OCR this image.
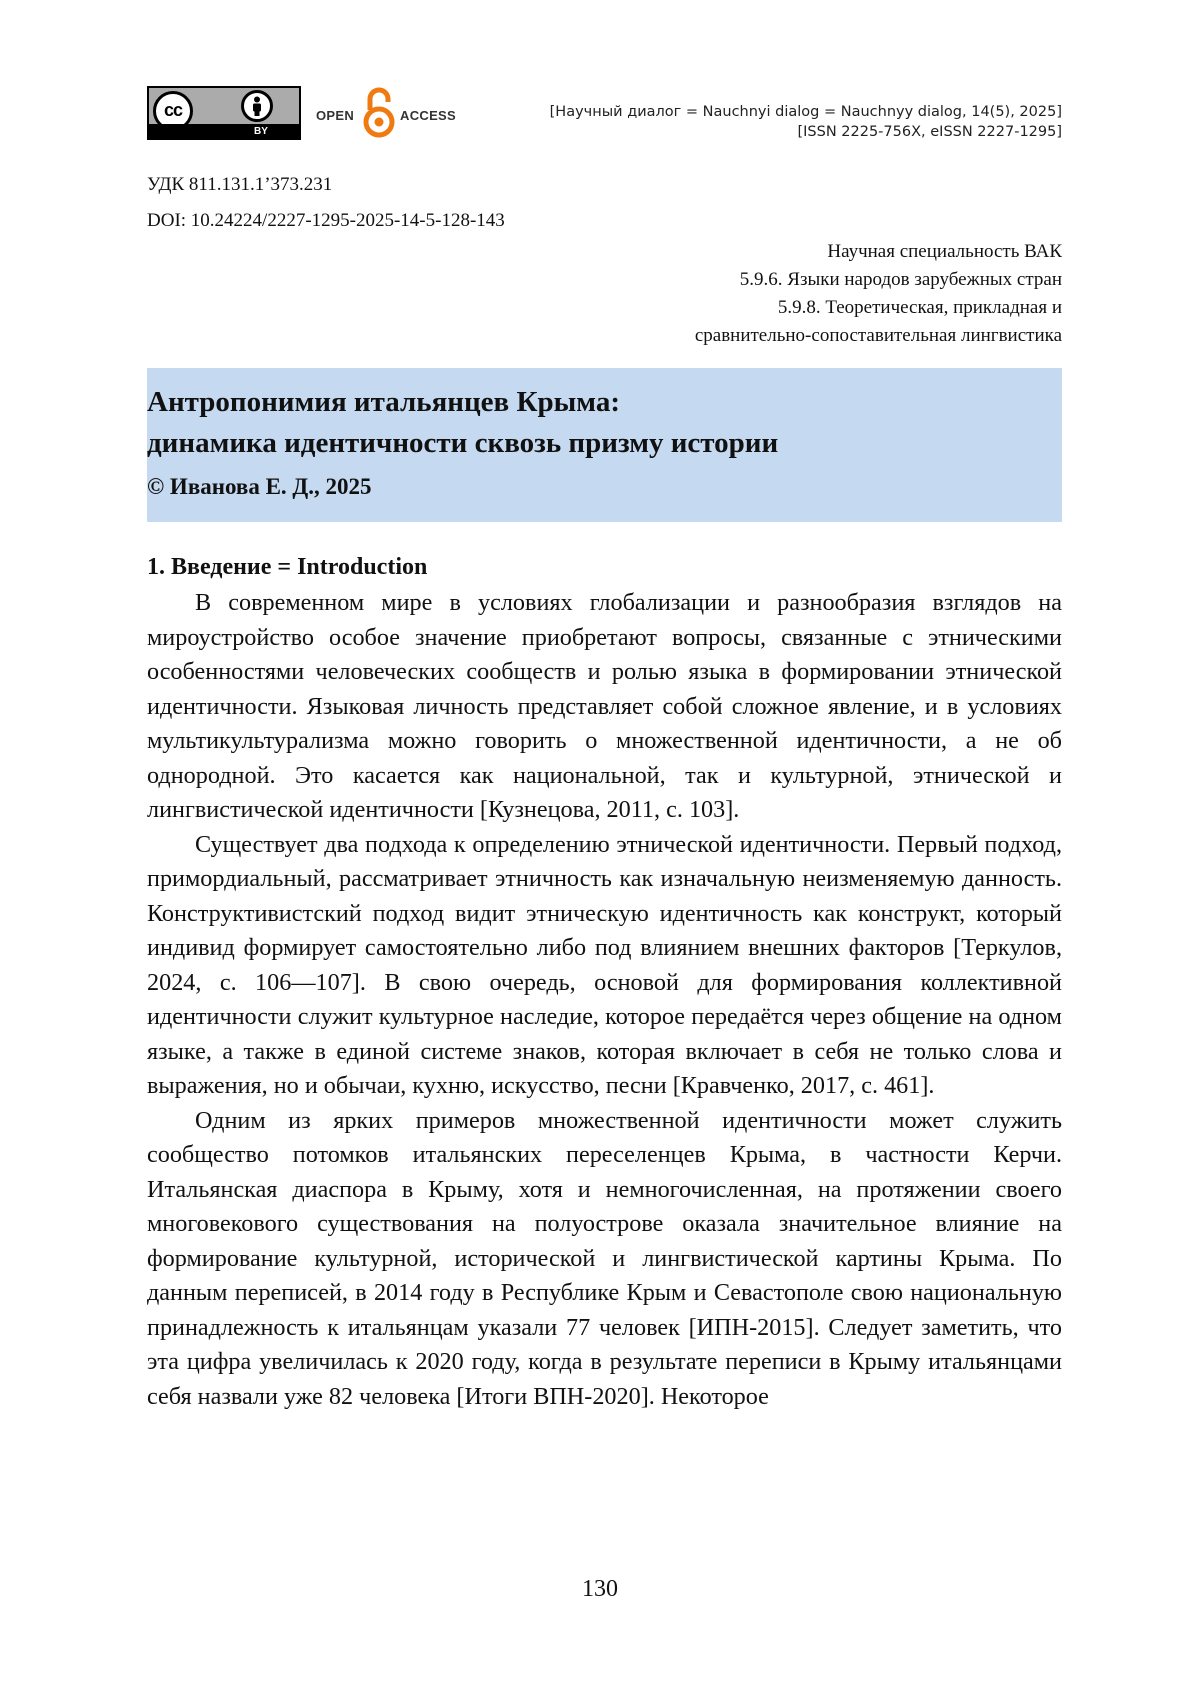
cc
BY
OPEN	ACCESS	[Научный диалог = Nauchnyi dialog = Nauchnyy dialog, 14(5), 2025]
[ISSN 2225-756X, eISSN 2227-1295]
УДК 811.131.1’373.231
DOI: 10.24224/2227-1295-2025-14-5-128-143
Научная специальность ВАК
5.9.6. Языки народов зарубежных стран
5.9.8. Теоретическая, прикладная и
сравнительно-сопоставительная лингвистика
Антропонимия итальянцев Крыма:
динамика идентичности сквозь призму истории
© Иванова Е. Д., 2025
1. Введение = Introduction

В современном мире в условиях глобализации и разнообразия взглядов на мироустройство особое значение приобретают вопросы, связанные с этническими особенностями человеческих сообществ и ролью языка в формировании этнической идентичности. Языковая личность представляет собой сложное явление, и в условиях мультикультурализма можно говорить о множественной идентичности, а не об однородной. Это касается как национальной, так и культурной, этнической и лингвистической идентичности [Кузнецова, 2011, с. 103].

Существует два подхода к определению этнической идентичности. Первый подход, примордиальный, рассматривает этничность как изначальную неизменяемую данность. Конструктивистский подход видит этническую идентичность как конструкт, который индивид формирует самостоятельно либо под влиянием внешних факторов [Теркулов, 2024, с. 106—107]. В свою очередь, основой для формирования коллективной идентичности служит культурное наследие, которое передаётся через общение на одном языке, а также в единой системе знаков, которая включает в себя не только слова и выражения, но и обычаи, кухню, искусство, песни [Кравченко, 2017, с. 461].

Одним из ярких примеров множественной идентичности может служить сообщество потомков итальянских переселенцев Крыма, в частности Керчи. Итальянская диаспора в Крыму, хотя и немногочисленная, на протяжении своего многовекового существования на полуострове оказала значительное влияние на формирование культурной, исторической и лингвистической картины Крыма. По данным переписей, в 2014 году в Республике Крым и Севастополе свою национальную принадлежность к итальянцам указали 77 человек [ИПН-2015]. Следует заметить, что эта цифра увеличилась к 2020 году, когда в результате переписи в Крыму итальянцами себя назвали уже 82 человека [Итоги ВПН-2020]. Некоторое

130
